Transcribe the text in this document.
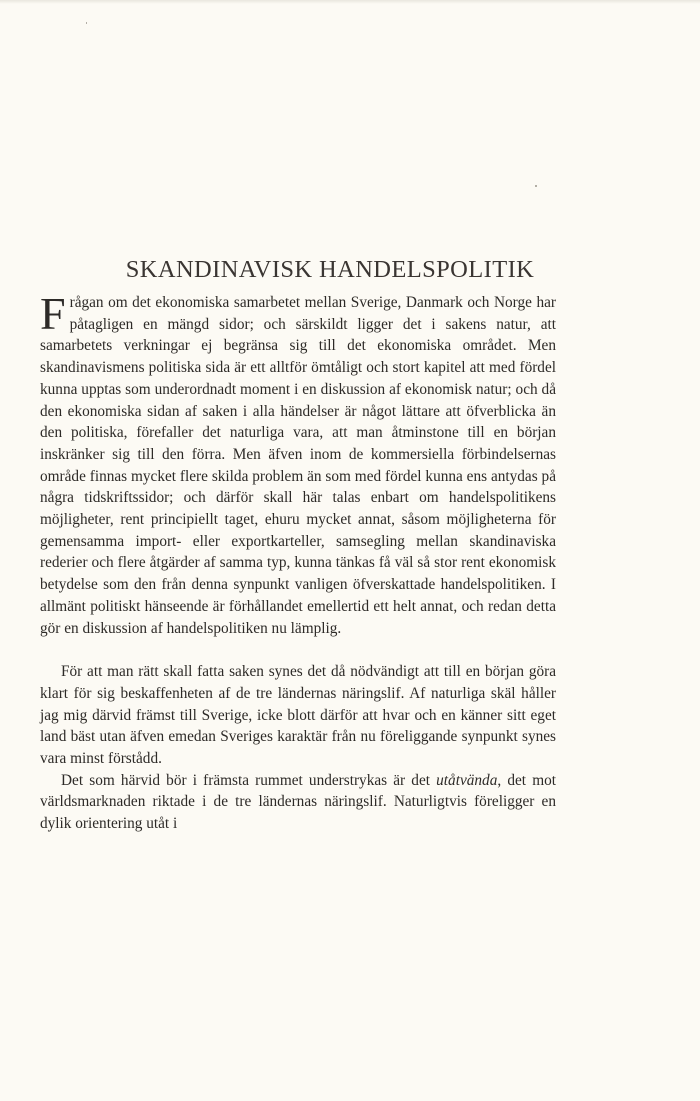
SKANDINAVISK HANDELSPOLITIK

Frågan om det ekonomiska samarbetet mellan Sverige, Danmark och Norge har påtagligen en mängd sidor; och särskildt ligger det i sakens natur, att samarbetets verkningar ej begränsa sig till det ekonomiska området. Men skandinavismens politiska sida är ett alltför ömtåligt och stort kapitel att med fördel kunna upptas som underordnadt moment i en diskussion af ekonomisk natur; och då den ekonomiska sidan af saken i alla händelser är något lättare att öfverblicka än den politiska, förefaller det naturliga vara, att man åtminstone till en början inskränker sig till den förra. Men äfven inom de kommersiella förbindelsernas område finnas mycket flere skilda problem än som med fördel kunna ens antydas på några tidskriftssidor; och därför skall här talas enbart om handelspolitikens möjligheter, rent principiellt taget, ehuru mycket annat, såsom möjligheterna för gemensamma import- eller exportkarteller, samsegling mellan skandinaviska rederier och flere åtgärder af samma typ, kunna tänkas få väl så stor rent ekonomisk betydelse som den från denna synpunkt vanligen öfverskattade handelspolitiken. I allmänt politiskt hänseende är förhållandet emellertid ett helt annat, och redan detta gör en diskussion af handelspolitiken nu lämplig.

För att man rätt skall fatta saken synes det då nödvändigt att till en början göra klart för sig beskaffenheten af de tre ländernas näringslif. Af naturliga skäl håller jag mig därvid främst till Sverige, icke blott därför att hvar och en känner sitt eget land bäst utan äfven emedan Sveriges karaktär från nu föreliggande synpunkt synes vara minst förstådd.

Det som härvid bör i främsta rummet understrykas är det utåtvända, det mot världsmarknaden riktade i de tre ländernas näringslif. Naturligtvis föreligger en dylik orientering utåt i
